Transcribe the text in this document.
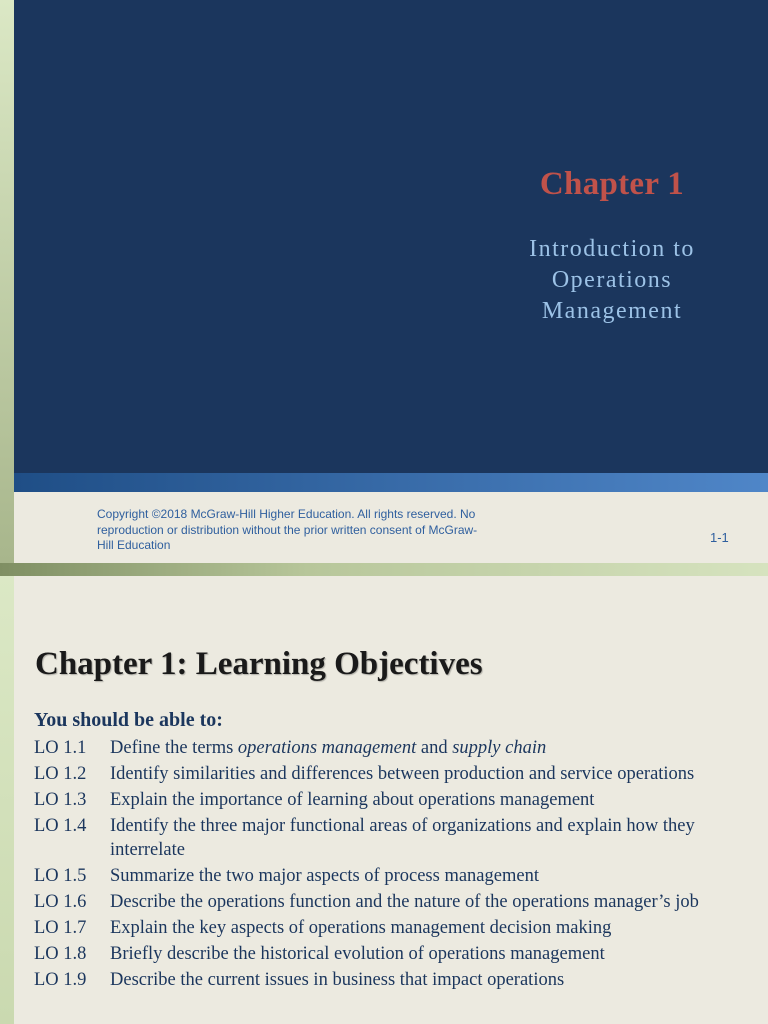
Chapter 1
Introduction to
Operations
Management
Copyright ©2018 McGraw-Hill Higher Education. All rights reserved. No
reproduction or distribution without the prior written consent of McGraw-
Hill Education	1-1
Chapter 1: Learning Objectives
You should be able to:
LO 1.1	Define the terms operations management and supply chain
LO 1.2	Identify similarities and differences between production and service operations
LO 1.3	Explain the importance of learning about operations management
LO 1.4	Identify the three major functional areas of organizations and explain how they interrelate
LO 1.5	Summarize the two major aspects of process management
LO 1.6	Describe the operations function and the nature of the operations manager’s job
LO 1.7	Explain the key aspects of operations management decision making
LO 1.8	Briefly describe the historical evolution of operations management
LO 1.9	Describe the current issues in business that impact operations
